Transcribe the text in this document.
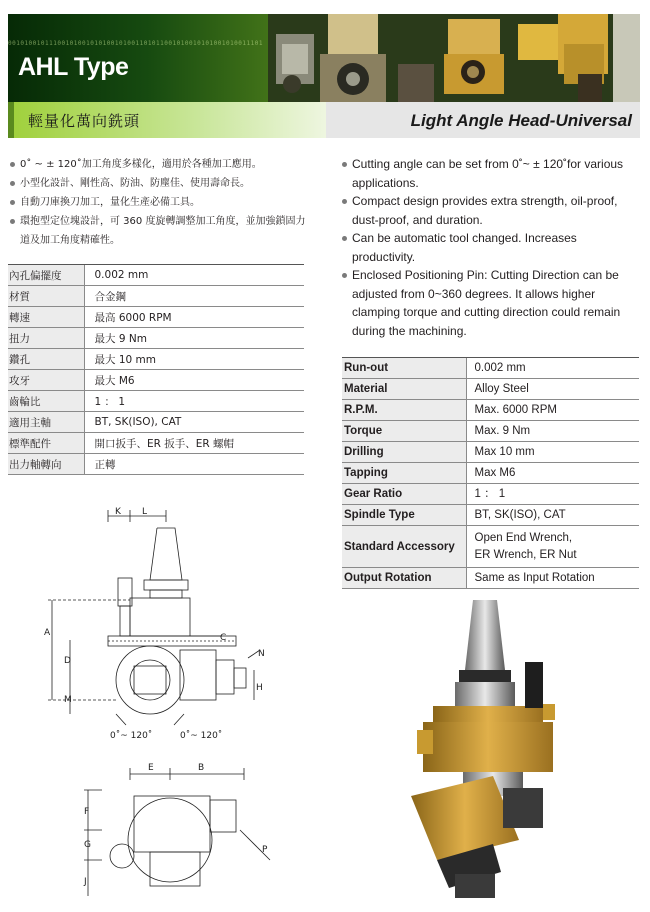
00101001011100101001010100101001101011001010010101001010011101
AHL Type
輕量化萬向銑頭	Light Angle Head-Universal
0˚ ~ ± 120˚加工角度多樣化，適用於各種加工應用。
小型化設計、剛性高、防油、防塵佳、使用壽命長。
自動刀庫換刀加工，量化生產必備工具。
環抱型定位塊設計，可 360 度旋轉調整加工角度，並加強鎖固力道及加工角度精確性。
Cutting angle can be set from 0˚~ ± 120˚for various applications.
Compact design provides extra strength, oil-proof, dust-proof, and duration.
Can be automatic tool changed. Increases productivity.
Enclosed Positioning Pin: Cutting Direction can be adjusted from 0~360 degrees. It allows higher clamping torque and cutting direction could remain during the machining.
內孔偏擺度	0.002 mm
材質	合金鋼
轉速	最高 6000 RPM
扭力	最大 9 Nm
鑽孔	最大 10 mm
攻牙	最大 M6
齒輪比	1 ： 1
適用主軸	BT, SK(ISO), CAT
標準配件	開口扳手、ER 扳手、ER 螺帽
出力軸轉向	正轉
Run-out	0.002 mm
Material	Alloy Steel
R.P.M.	Max. 6000 RPM
Torque	Max. 9 Nm
Drilling	Max 10 mm
Tapping	Max M6
Gear Ratio	1 ： 1
Spindle Type	BT, SK(ISO), CAT
Standard Accessory	Open End Wrench,
ER Wrench, ER Nut

Output Rotation	Same as Input Rotation
K L
A	C
N
D
H
M
0˚~ 120˚	0˚~ 120˚
E	B
F
G
J
P
